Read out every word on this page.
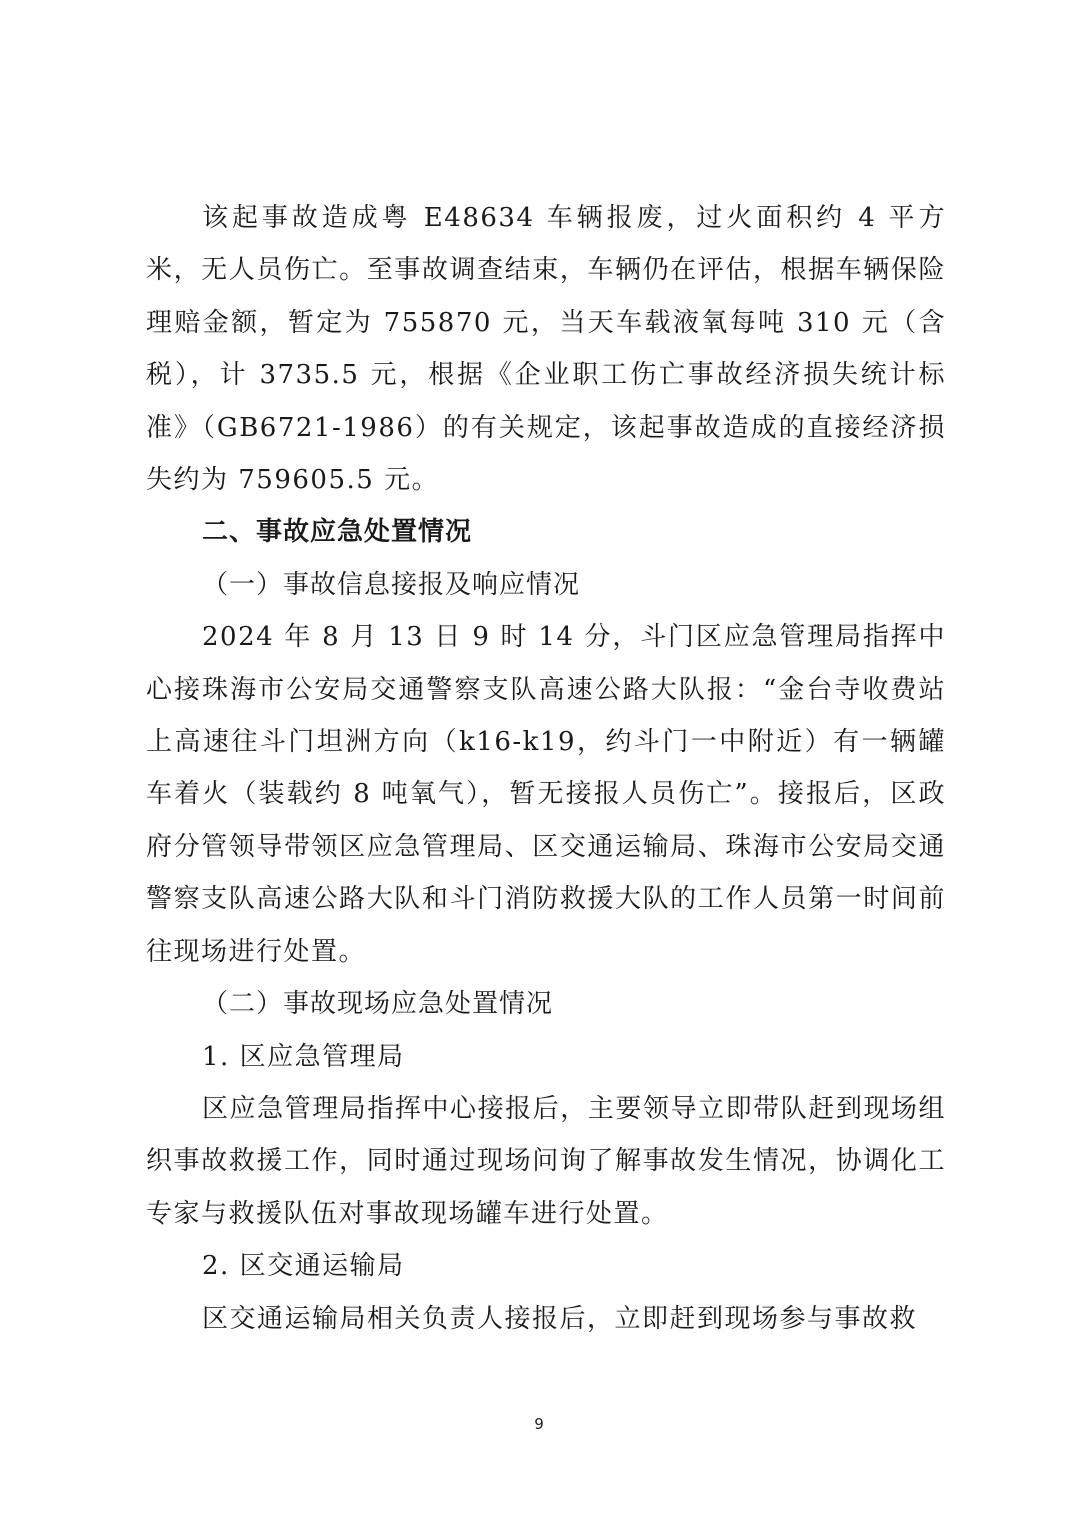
该起事故造成粤 E48634 车辆报废，过火面积约 4 平方米，无人员伤亡。至事故调查结束，车辆仍在评估，根据车辆保险理赔金额，暂定为 755870 元，当天车载液氧每吨 310 元（含税），计 3735.5 元，根据《企业职工伤亡事故经济损失统计标准》（GB6721-1986）的有关规定，该起事故造成的直接经济损失约为 759605.5 元。

二、事故应急处置情况

（一）事故信息接报及响应情况

2024 年 8 月 13 日 9 时 14 分，斗门区应急管理局指挥中心接珠海市公安局交通警察支队高速公路大队报：“金台寺收费站上高速往斗门坦洲方向（k16-k19，约斗门一中附近）有一辆罐车着火（装载约 8 吨氧气），暂无接报人员伤亡”。接报后，区政府分管领导带领区应急管理局、区交通运输局、珠海市公安局交通警察支队高速公路大队和斗门消防救援大队的工作人员第一时间前往现场进行处置。

（二）事故现场应急处置情况

1. 区应急管理局

区应急管理局指挥中心接报后，主要领导立即带队赶到现场组织事故救援工作，同时通过现场问询了解事故发生情况，协调化工专家与救援队伍对事故现场罐车进行处置。

2. 区交通运输局

区交通运输局相关负责人接报后，立即赶到现场参与事故救

9
